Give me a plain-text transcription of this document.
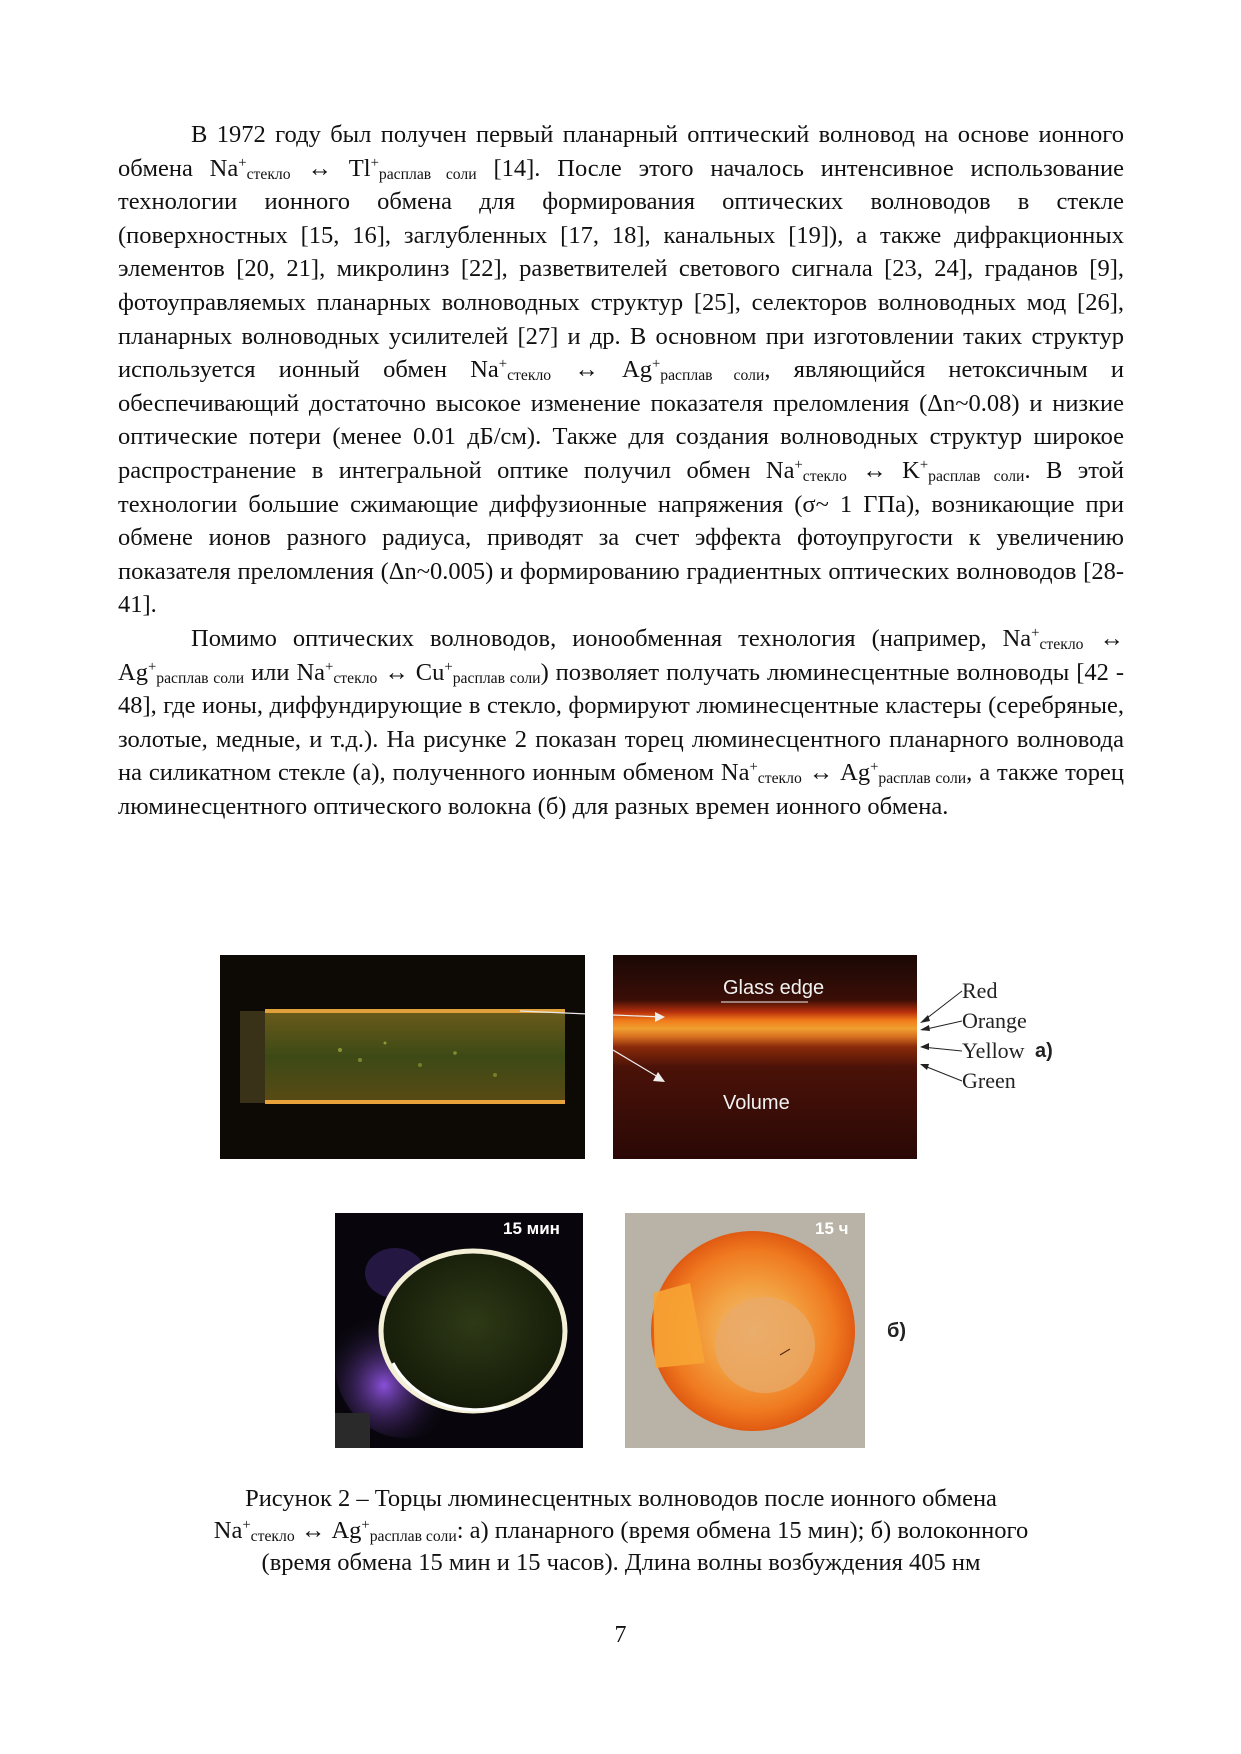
В 1972 году был получен первый планарный оптический волновод на основе ионного обмена $Na^+_{стекло}$ ↔ $Tl^+_{расплав соли}$ [14]. После этого началось интенсивное использование технологии ионного обмена для формирования оптических волноводов в стекле (поверхностных [15, 16], заглубленных [17, 18], канальных [19]), а также дифракционных элементов [20, 21], микролинз [22], разветвителей светового сигнала [23, 24], граданов [9], фотоуправляемых планарных волноводных структур [25], селекторов волноводных мод [26], планарных волноводных усилителей [27] и др. В основном при изготовлении таких структур используется ионный обмен $Na^+_{стекло}$ ↔ $Ag^+_{расплав соли}$, являющийся нетоксичным и обеспечивающий достаточно высокое изменение показателя преломления (Δn~0.08) и низкие оптические потери (менее 0.01 дБ/см). Также для создания волноводных структур широкое распространение в интегральной оптике получил обмен $Na^+_{стекло}$ ↔ $K^+_{расплав соли}$. В этой технологии большие сжимающие диффузионные напряжения (σ~ 1 ГПа), возникающие при обмене ионов разного радиуса, приводят за счет эффекта фотоупругости к увеличению показателя преломления (Δn~0.005) и формированию градиентных оптических волноводов [28-41].

Помимо оптических волноводов, ионообменная технология (например, $Na^+_{стекло}$ ↔ $Ag^+_{расплав соли}$ или $Na^+_{стекло}$ ↔ $Cu^+_{расплав соли}$) позволяет получать люминесцентные волноводы [42 - 48], где ионы, диффундирующие в стекло, формируют люминесцентные кластеры (серебряные, золотые, медные, и т.д.). На рисунке 2 показан торец люминесцентного планарного волновода на силикатном стекле (а), полученного ионным обменом $Na^+_{стекло}$ ↔ $Ag^+_{расплав соли}$, а также торец люминесцентного оптического волокна (б) для разных времен ионного обмена.

Glass edge
Volume
Red
Orange
Yellow
Green
а)
15 мин	15 ч
б)
Рисунок 2 – Торцы люминесцентных волноводов после ионного обмена
$Na^+_{стекло}$ ↔ $Ag^+_{расплав соли}$: а) планарного (время обмена 15 мин); б) волоконного
(время обмена 15 мин и 15 часов). Длина волны возбуждения 405 нм
7
